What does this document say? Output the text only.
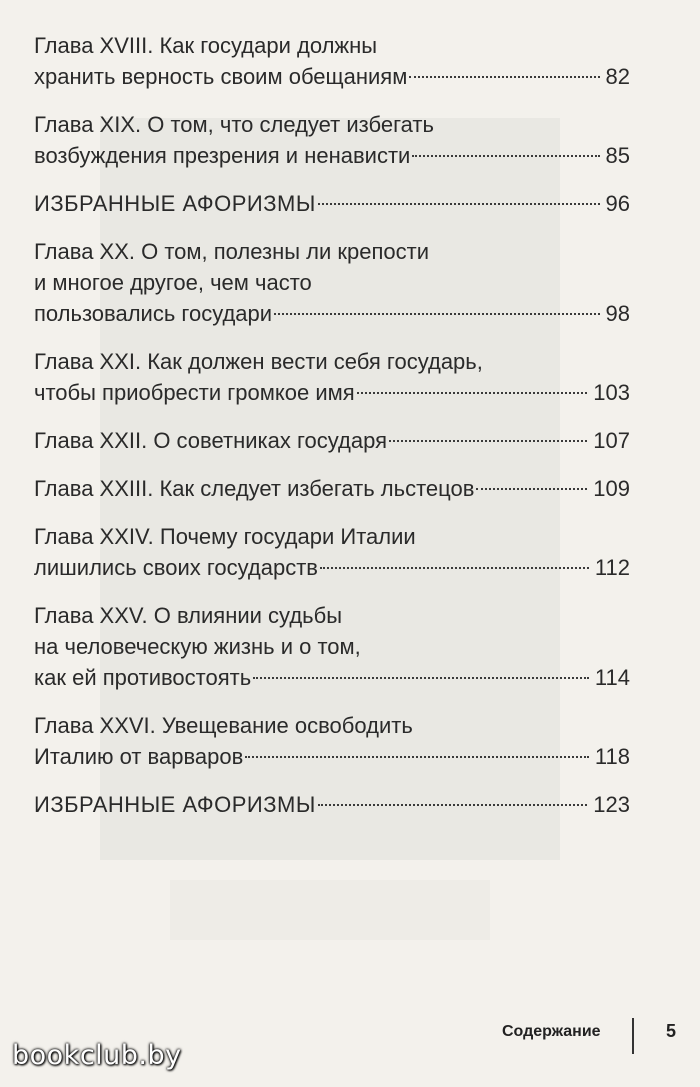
Глава XVIII. Как государи должны
хранить верность своим обещаниям	82
Глава XIX. О том, что следует избегать
возбуждения презрения и ненависти	85
ИЗБРАННЫЕ АФОРИЗМЫ	96
Глава XX. О том, полезны ли крепости
и многое другое, чем часто
пользовались государи	98
Глава XXI. Как должен вести себя государь,
чтобы приобрести громкое имя	103
Глава XXII. О советниках государя	107
Глава XXIII. Как следует избегать льстецов	109
Глава XXIV. Почему государи Италии
лишились своих государств	112
Глава XXV. О влиянии судьбы
на человеческую жизнь и о том,
как ей противостоять	114
Глава XXVI. Увещевание освободить
Италию от варваров	118
ИЗБРАННЫЕ АФОРИЗМЫ	123
Содержание	5
bookclub.by
